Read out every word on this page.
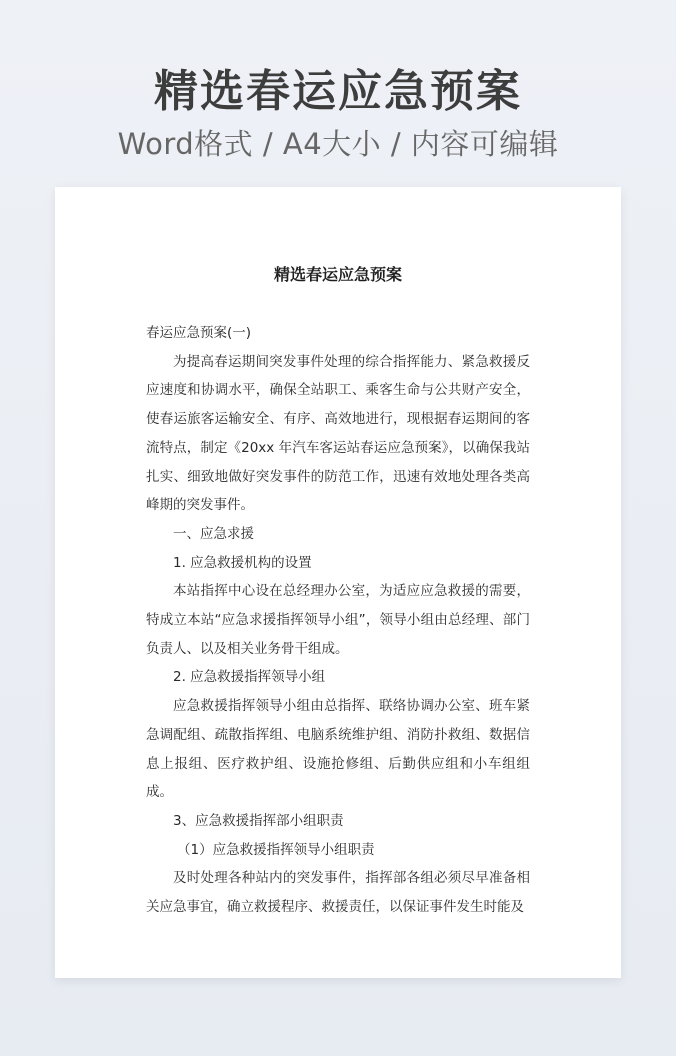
精选春运应急预案
Word格式 / A4大小 / 内容可编辑
精选春运应急预案

春运应急预案(一)

为提高春运期间突发事件处理的综合指挥能力、紧急救援反应速度和协调水平，确保全站职工、乘客生命与公共财产安全，使春运旅客运输安全、有序、高效地进行，现根据春运期间的客流特点，制定《20xx 年汽车客运站春运应急预案》，以确保我站扎实、细致地做好突发事件的防范工作，迅速有效地处理各类高峰期的突发事件。

一、应急求援

1. 应急救援机构的设置

本站指挥中心设在总经理办公室，为适应应急救援的需要，特成立本站“应急求援指挥领导小组”，领导小组由总经理、部门负责人、以及相关业务骨干组成。

2. 应急救援指挥领导小组

应急救援指挥领导小组由总指挥、联络协调办公室、班车紧急调配组、疏散指挥组、电脑系统维护组、消防扑救组、数据信息上报组、医疗救护组、设施抢修组、后勤供应组和小车组组成。

3、应急救援指挥部小组职责

（1）应急救援指挥领导小组职责

及时处理各种站内的突发事件，指挥部各组必须尽早准备相关应急事宜，确立救援程序、救援责任，以保证事件发生时能及
